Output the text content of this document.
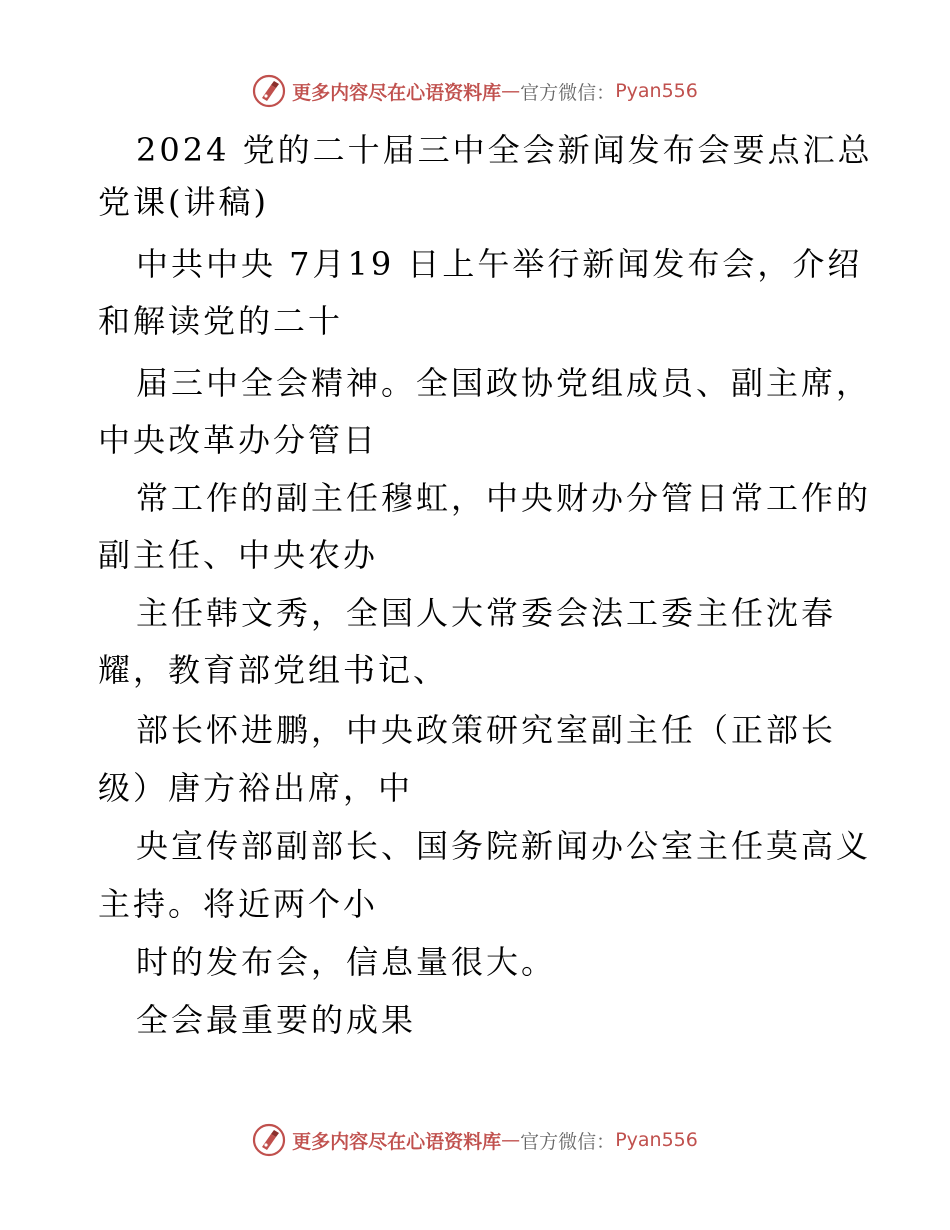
更多内容尽在心语资料库 — 官方微信： Pyan556
2024 党的二十届三中全会新闻发布会要点汇总
党课(讲稿)
中共中央 7月19 日上午举行新闻发布会，介绍
和解读党的二十
届三中全会精神。全国政协党组成员、副主席，
中央改革办分管日
常工作的副主任穆虹，中央财办分管日常工作的
副主任、中央农办
主任韩文秀，全国人大常委会法工委主任沈春
耀，教育部党组书记、
部长怀进鹏，中央政策研究室副主任（正部长
级）唐方裕出席，中
央宣传部副部长、国务院新闻办公室主任莫高义
主持。将近两个小
时的发布会，信息量很大。
全会最重要的成果
更多内容尽在心语资料库 — 官方微信： Pyan556
